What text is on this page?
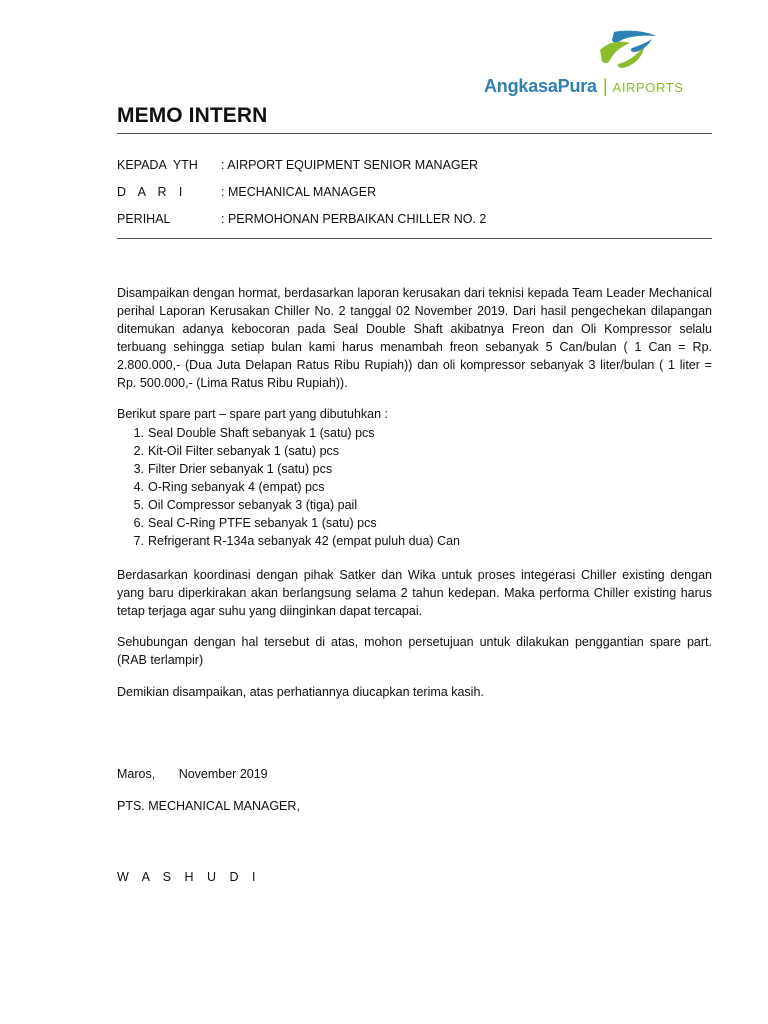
AngkasaPura | AIRPORTS
MEMO INTERN
KEPADA  YTH : AIRPORT EQUIPMENT SENIOR MANAGER
D A R I	: MECHANICAL MANAGER
PERIHAL	: PERMOHONAN PERBAIKAN CHILLER NO. 2

Disampaikan dengan hormat, berdasarkan laporan kerusakan dari teknisi kepada Team Leader Mechanical perihal Laporan Kerusakan Chiller No. 2 tanggal 02 November 2019. Dari hasil pengechekan dilapangan ditemukan adanya kebocoran pada Seal Double Shaft akibatnya Freon dan Oli Kompressor selalu terbuang sehingga setiap bulan kami harus menambah freon sebanyak 5 Can/bulan ( 1 Can = Rp. 2.800.000,- (Dua Juta Delapan Ratus Ribu Rupiah)) dan oli kompressor sebanyak 3 liter/bulan ( 1 liter = Rp. 500.000,- (Lima Ratus Ribu Rupiah)).

Berikut spare part – spare part yang dibutuhkan :
1. Seal Double Shaft sebanyak 1 (satu) pcs
2. Kit-Oil Filter sebanyak 1 (satu) pcs
3. Filter Drier sebanyak 1 (satu) pcs
4. O-Ring sebanyak 4 (empat) pcs
5. Oil Compressor sebanyak 3 (tiga) pail
6. Seal C-Ring PTFE sebanyak 1 (satu) pcs
7. Refrigerant R-134a sebanyak 42 (empat puluh dua) Can

Berdasarkan koordinasi dengan pihak Satker dan Wika untuk proses integerasi Chiller existing dengan yang baru diperkirakan akan berlangsung selama 2 tahun kedepan. Maka performa Chiller existing harus tetap terjaga agar suhu yang diinginkan dapat tercapai.

Sehubungan dengan hal tersebut di atas, mohon persetujuan untuk dilakukan penggantian spare part. (RAB terlampir)

Demikian disampaikan, atas perhatiannya diucapkan terima kasih.
Maros, November 2019
PTS. MECHANICAL MANAGER,
W A S H U D I
